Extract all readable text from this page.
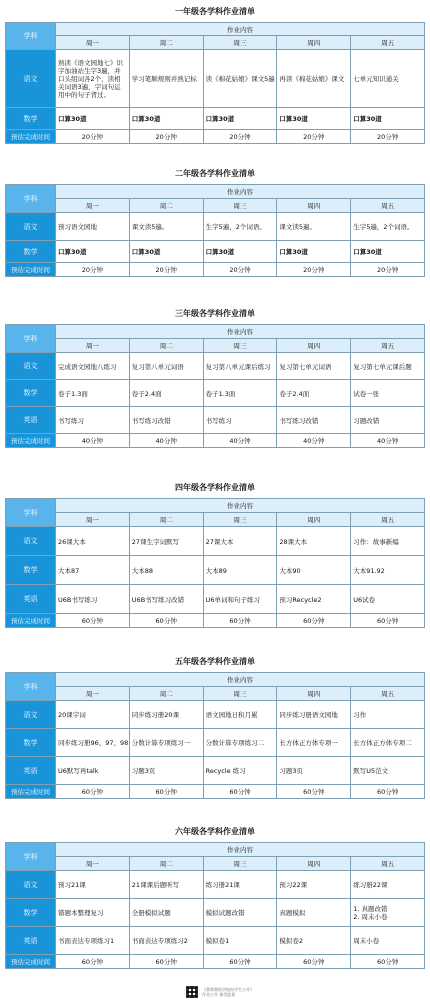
一年级各学科作业清单
学科	作业内容				
	周一	周二	周三	周四	周五
语文	熟读《语文园地七》识字加油站生字3遍，并口头组词各2个，读相关词语3遍，字词句运用中的句子背过。	学习笔顺规则并熟记标	读《棉花姑娘》课文5遍	再读《棉花姑娘》课文	七单元知识通关
数学	口算30道	口算30道	口算30道	口算30道	口算30道
预估完成时间	20分钟	20分钟	20分钟	20分钟	20分钟
二年级各学科作业清单
学科	作业内容				
	周一	周二	周三	周四	周五
语文	预习语文园地	课文读5遍。	生字5遍，2个词语。	课文读5遍。	生字5遍，2个词语。
数学	口算30道	口算30道	口算30道	口算30道	口算30道
预估完成时间	20分钟	20分钟	20分钟	20分钟	20分钟
三年级各学科作业清单
学科	作业内容				
	周一	周二	周三	周四	周五
语文	完成语文园地八练习	复习第八单元词语	复习第八单元课后练习	复习第七单元词语	复习第七单元课后题
数学	卷子1.3面	卷子2.4面	卷子1.3面	卷子2.4面	试卷一张
英语	书写练习	书写练习改错	书写练习	书写练习改错	习题改错
预估完成时间	40分钟	40分钟	40分钟	40分钟	40分钟
四年级各学科作业清单
学科	作业内容				
	周一	周二	周三	周四	周五
语文	26课大本	27课生字词默写	27课大本	28课大本	习作：故事新编
数学	大本87	大本88	大本89	大本90	大本91.92
英语	U6B书写练习	U6B书写练习改错	U6单词和句子练习	预习Recycle2	U6试卷
预估完成时间	60分钟	60分钟	60分钟	60分钟	60分钟
五年级各学科作业清单
学科	作业内容				
	周一	周二	周三	周四	周五
语文	20课字词	同步练习册20课	语文园地日积月累	同步练习册语文园地	习作
数学	同步练习册96、97、98	分数计算专项练习一	分数计算专项练习二	长方体正方体专项一	长方体正方体专项二
英语	U6默写再talk	习题3页	Recycle 练习	习题3页	默写U5范文
预估完成时间	60分钟	60分钟	60分钟	60分钟	60分钟
六年级各学科作业清单
学科	作业内容				
	周一	周二	周三	周四	周五
语文	预习21课	21课课后题听写	练习册21课	预习22课	练习册22课
数学	错题本整理复习	全册模拟试题	模拟试题改错	真题模拟	1. 真题改错
2. 周末小卷
英语	书面表达专项练习1	书面表达专项练习2	模拟卷1	模拟卷2	周末小卷
预估完成时间	60分钟	60分钟	60分钟	60分钟	60分钟
《我和我的学校向学生公开》
作业公开 接受监督
